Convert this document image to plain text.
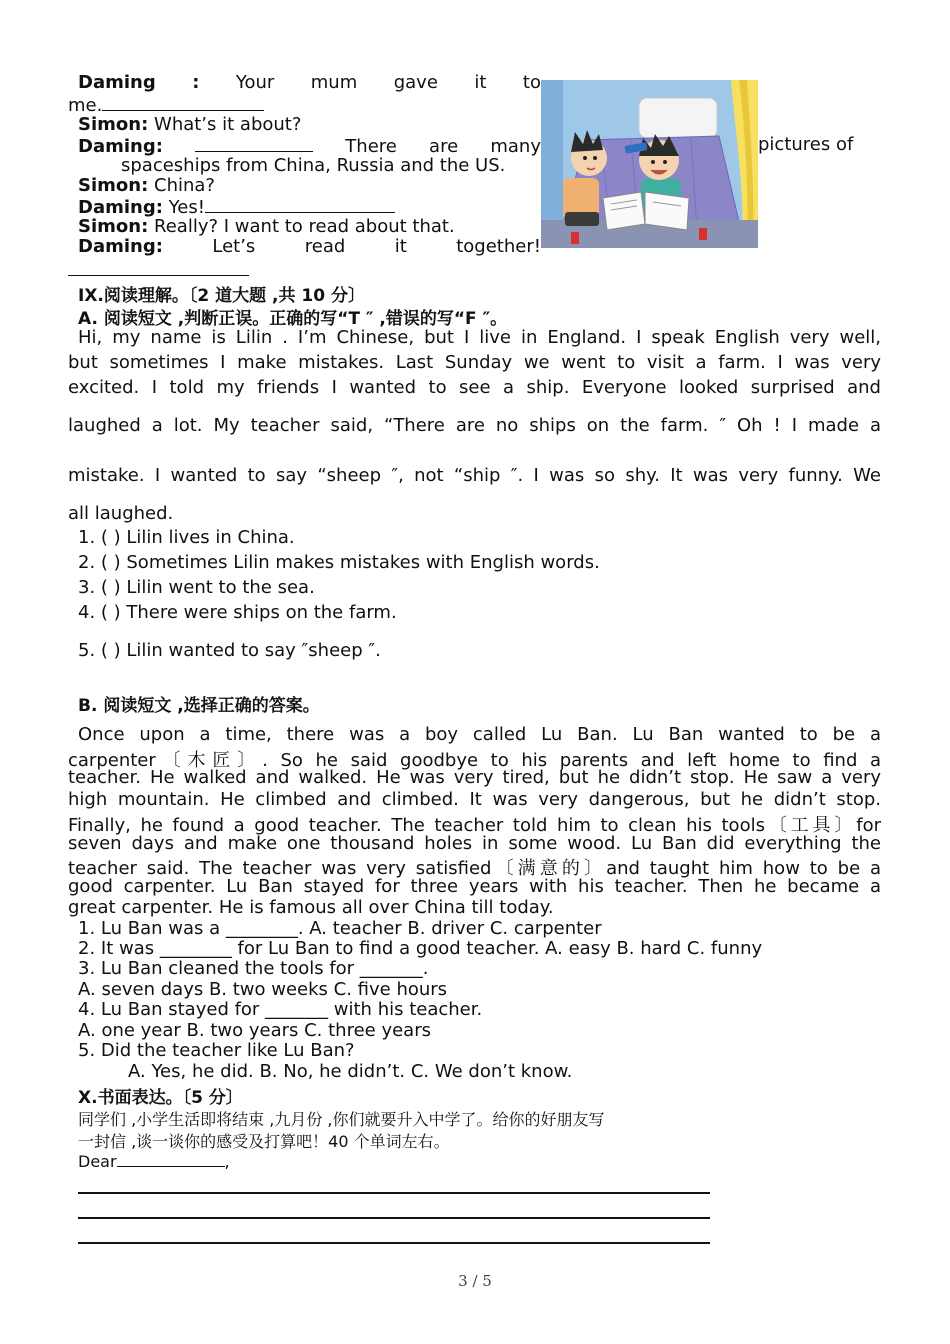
Daming : Your mum gave it to
me.
Simon: What’s it about?
Daming:	There are many	pictures of
spaceships from China, Russia and the US.
Simon: China?
Daming: Yes!
Simon: Really? I want to read about that.
Daming:	Let’s	read	it	together!
IX.阅读理解。〔2 道大题 ,共 10 分〕
A. 阅读短文 ,判断正误。正确的写“T ″ ,错误的写“F ″。
Hi, my name is Lilin . I’m Chinese, but I live in England. I speak English very well,
but sometimes I make mistakes. Last Sunday we went to visit a farm. I was very
excited. I told my friends I wanted to see a ship. Everyone looked surprised and
laughed a lot. My teacher said, “There are no ships on the farm. ″ Oh ! I made a
mistake. I wanted to say “sheep ″, not “ship ″. I was so shy. It was very funny. We
all laughed.
1. ( ) Lilin lives in China.
2. ( ) Sometimes Lilin makes mistakes with English words.
3. ( ) Lilin went to the sea.
4. ( ) There were ships on the farm.
5. ( ) Lilin wanted to say ″sheep ″.
B. 阅读短文 ,选择正确的答案。
Once upon a time, there was a boy called Lu Ban. Lu Ban wanted to be a
carpenter〔木匠〕. So he said goodbye to his parents and left home to find a
teacher. He walked and walked. He was very tired, but he didn’t stop. He saw a very
high mountain. He climbed and climbed. It was very dangerous, but he didn’t stop.
Finally, he found a good teacher. The teacher told him to clean his tools〔工具〕for
seven days and make one thousand holes in some wood. Lu Ban did everything the
teacher said. The teacher was very satisfied〔满意的〕and taught him how to be a
good carpenter. Lu Ban stayed for three years with his teacher. Then he became a
great carpenter. He is famous all over China till today.
1. Lu Ban was a ________. A. teacher B. driver C. carpenter
2. It was ________ for Lu Ban to find a good teacher. A. easy B. hard C. funny
3. Lu Ban cleaned the tools for _______.
A. seven days B. two weeks C. five hours
4. Lu Ban stayed for _______ with his teacher.
A. one year B. two years C. three years
5. Did the teacher like Lu Ban?
A. Yes, he did. B. No, he didn’t. C. We don’t know.
X.书面表达。〔5 分〕
同学们 ,小学生活即将结束 ,九月份 ,你们就要升入中学了。给你的好朋友写
一封信 ,谈一谈你的感受及打算吧！40 个单词左右。
Dear	,
3 / 5
